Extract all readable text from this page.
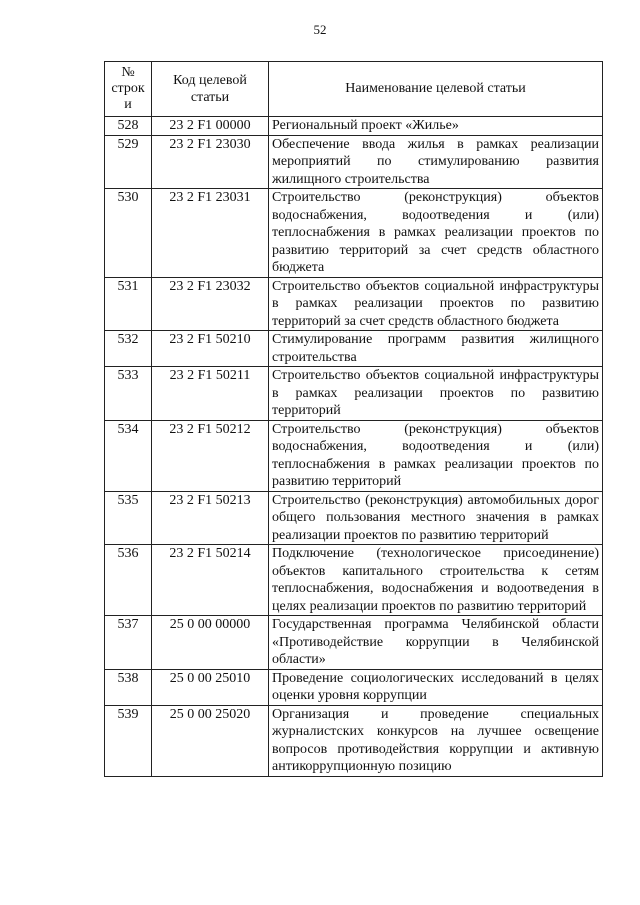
52
№ строк и	Код целевой статьи	Наименование целевой статьи
528	23 2 F1 00000	Региональный проект «Жилье»
529	23 2 F1 23030	Обеспечение ввода жилья в рамках реализации мероприятий по стимулированию развития жилищного строительства
530	23 2 F1 23031	Строительство (реконструкция) объектов водоснабжения, водоотведения и (или) теплоснабжения в рамках реализации проектов по развитию территорий за счет средств областного бюджета
531	23 2 F1 23032	Строительство объектов социальной инфраструктуры в рамках реализации проектов по развитию территорий за счет средств областного бюджета
532	23 2 F1 50210	Стимулирование программ развития жилищного строительства
533	23 2 F1 50211	Строительство объектов социальной инфраструктуры в рамках реализации проектов по развитию территорий
534	23 2 F1 50212	Строительство (реконструкция) объектов водоснабжения, водоотведения и (или) теплоснабжения в рамках реализации проектов по развитию территорий
535	23 2 F1 50213	Строительство (реконструкция) автомобильных дорог общего пользования местного значения в рамках реализации проектов по развитию территорий
536	23 2 F1 50214	Подключение (технологическое присоединение) объектов капитального строительства к сетям теплоснабжения, водоснабжения и водоотведения в целях реализации проектов по развитию территорий
537	25 0 00 00000	Государственная программа Челябинской области «Противодействие коррупции в Челябинской области»
538	25 0 00 25010	Проведение социологических исследований в целях оценки уровня коррупции
539	25 0 00 25020	Организация и проведение специальных журналистских конкурсов на лучшее освещение вопросов противодействия коррупции и активную антикоррупционную позицию
